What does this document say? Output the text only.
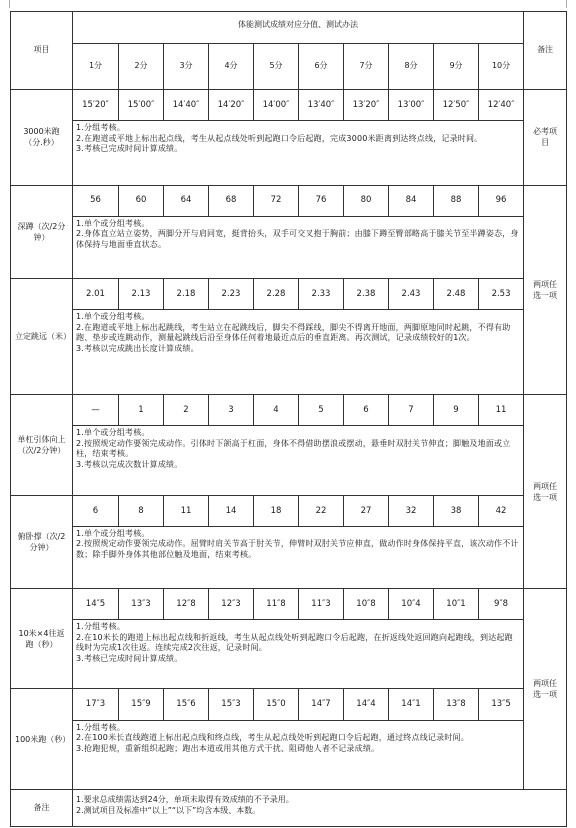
项目	体能测试成绩对应分值、测试办法										备注
	1分	2分	3分	4分	5分	6分	7分	8分	9分	10分	
3000米跑（分.秒）	15′20″	15′00″	14′40″	14′20″	14′00″	13′40″	13′20″	13′00″	12′50″	12′40″	必考项目

	1.分组考核。
2.在跑道或平地上标出起点线，考生从起点线处听到起跑口令后起跑，完成3000米距离到达终点线，记录时间。
3.考核已完成时间计算成绩。										

深蹲（次/2分钟）	56	60	64	68	72	76	80	84	88	96	两项任选一项

	1.单个或分组考核。
2.身体直立站立姿势，两脚分开与肩同宽，挺背抬头，双手可交叉抱于胸前；由膝下蹲至臀部略高于膝关节至半蹲姿态，身体保持与地面垂直状态。										

立定跳远（米）	2.01	2.13	2.18	2.23	2.28	2.33	2.38	2.43	2.48	2.53	

	1.单个或分组考核。
2.在跑道或平地上标出起跳线，考生站立在起跳线后，脚尖不得踩线，脚尖不得离开地面，两脚原地同时起跳，不得有助跑、垫步或连跳动作，测量起跳线后沿至身体任何着地最近点后的垂直距离。再次测试，记录成绩较好的1次。
3.考核以完成跳出长度计算成绩。										

单杠引体向上（次/2分钟）	—	1	2	3	4	5	6	7	9	11	两项任选一项

	1.单个或分组考核。
2.按照规定动作要领完成动作。引体时下颌高于杠面，身体不得借助摆浪或摆动，悬垂时双肘关节伸直；脚触及地面或立柱，结束考核。
3.考核以完成次数计算成绩。										

俯卧撑（次/2分钟）	6	8	11	14	18	22	27	32	38	42	

	1.单个或分组考核。
2.按照规定动作要领完成动作。屈臂时肩关节高于肘关节，伸臂时双肘关节应伸直，做动作时身体保持平直，该次动作不计数；除手脚外身体其他部位触及地面，结束考核。										

10米×4往返跑（秒）	14″5	13″3	12″8	12″3	11″8	11″3	10″8	10″4	10″1	9″8	两项任选一项

	1.分组考核。
2.在10米长的跑道上标出起点线和折返线，考生从起点线处听到起跑口令后起跑，在折返线处返回跑向起跑线，到达起跑线时为完成1次往返。连续完成2次往返，记录时间。
3.考核已完成时间计算成绩。										

100米跑（秒）	17″3	15″9	15″6	15″3	15″0	14″7	14″4	14″1	13″8	13″5	

	1.分组考核。
2.在100米长直线跑道上标出起点线和终点线，考生从起点线处听到起跑口令后起跑，通过终点线记录时间。
3.抢跑犯规，重新组织起跑；跑出本道或用其他方式干扰、阻碍他人者不记录成绩。										

备注	1.要求总成绩需达到24分，单项未取得有效成绩的不予录用。
2.测试项目及标准中“以上”“以下”均含本级、本数。										
